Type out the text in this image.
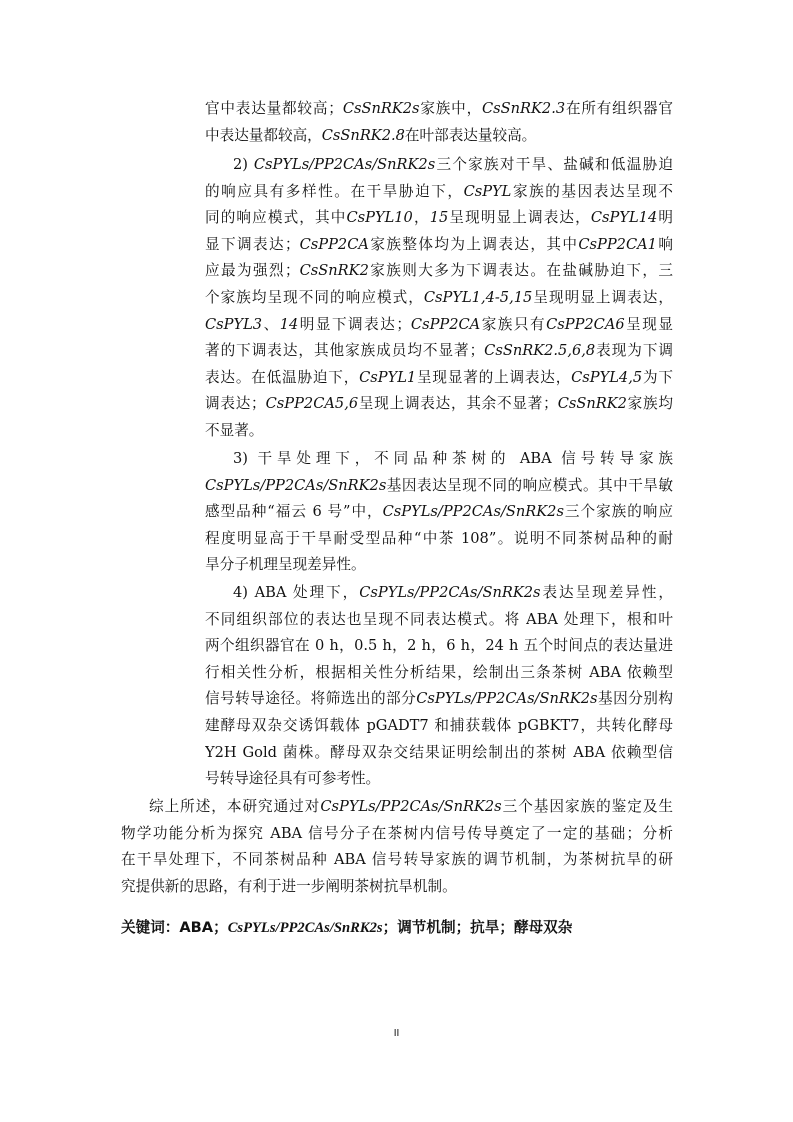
官中表达量都较高；CsSnRK2s家族中，CsSnRK2.3在所有组织器官
中表达量都较高，CsSnRK2.8在叶部表达量较高。
2) CsPYLs/PP2CAs/SnRK2s三个家族对干旱、盐碱和低温胁迫
的响应具有多样性。在干旱胁迫下，CsPYL家族的基因表达呈现不
同的响应模式，其中CsPYL10，15呈现明显上调表达，CsPYL14明
显下调表达；CsPP2CA家族整体均为上调表达，其中CsPP2CA1响
应最为强烈；CsSnRK2家族则大多为下调表达。在盐碱胁迫下，三
个家族均呈现不同的响应模式，CsPYL1,4-5,15呈现明显上调表达，
CsPYL3、14明显下调表达；CsPP2CA家族只有CsPP2CA6呈现显
著的下调表达，其他家族成员均不显著；CsSnRK2.5,6,8表现为下调
表达。在低温胁迫下，CsPYL1呈现显著的上调表达，CsPYL4,5为下
调表达；CsPP2CA5,6呈现上调表达，其余不显著；CsSnRK2家族均
不显著。
3) 干旱处理下，不同品种茶树的 ABA 信号转导家族
CsPYLs/PP2CAs/SnRK2s基因表达呈现不同的响应模式。其中干旱敏
感型品种“福云 6 号”中，CsPYLs/PP2CAs/SnRK2s三个家族的响应
程度明显高于干旱耐受型品种“中茶 108”。说明不同茶树品种的耐
旱分子机理呈现差异性。
4) ABA 处理下，CsPYLs/PP2CAs/SnRK2s表达呈现差异性，
不同组织部位的表达也呈现不同表达模式。将 ABA 处理下，根和叶
两个组织器官在 0 h，0.5 h，2 h，6 h，24 h 五个时间点的表达量进
行相关性分析，根据相关性分析结果，绘制出三条茶树 ABA 依赖型
信号转导途径。将筛选出的部分CsPYLs/PP2CAs/SnRK2s基因分别构
建酵母双杂交诱饵载体 pGADT7 和捕获载体 pGBKT7，共转化酵母
Y2H Gold 菌株。酵母双杂交结果证明绘制出的茶树 ABA 依赖型信
号转导途径具有可参考性。
综上所述，本研究通过对CsPYLs/PP2CAs/SnRK2s三个基因家族的鉴定及生
物学功能分析为探究 ABA 信号分子在茶树内信号传导奠定了一定的基础；分析
在干旱处理下，不同茶树品种 ABA 信号转导家族的调节机制，为茶树抗旱的研
究提供新的思路，有利于进一步阐明茶树抗旱机制。
关键词：ABA；CsPYLs/PP2CAs/SnRK2s；调节机制；抗旱；酵母双杂
II
